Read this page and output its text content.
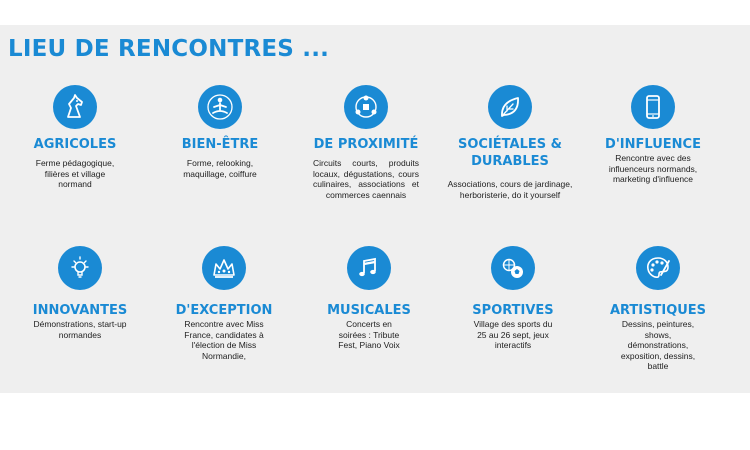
LIEU DE RENCONTRES ...
AGRICOLES
Ferme pédagogique, filières et village normand
BIEN-ÊTRE
Forme, relooking, maquillage, coiffure
DE PROXIMITÉ
Circuits courts, produits locaux, dégustations, cours culinaires, associations et commerces caennais
SOCIÉTALES & DURABLES
Associations, cours de jardinage, herboristerie, do it yourself
D'INFLUENCE
Rencontre avec des influenceurs normands, marketing d'influence
INNOVANTES
Démonstrations, start-up normandes
D'EXCEPTION
Rencontre avec Miss France, candidates à l'élection de Miss Normandie,
MUSICALES
Concerts en soirées : Tribute Fest, Piano Voix
SPORTIVES
Village des sports du 25 au 26 sept, jeux interactifs
ARTISTIQUES
Dessins, peintures, shows, démonstrations, exposition, dessins, battle
